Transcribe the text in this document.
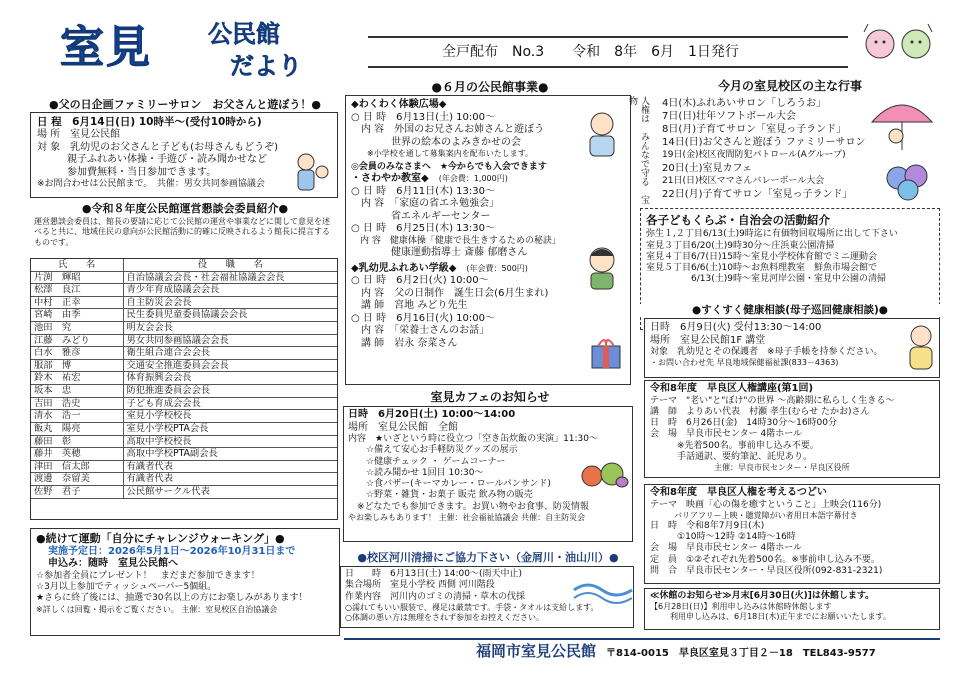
室見 公民館
だより	全戸配布　 No.3　　 令和　8年　6月　1日発行
●父の日企画ファミリーサロン　お父さんと遊ぼう！●
日 程　6月14日(日) 10時半～(受付10時から)
場 所　室見公民館
対 象　乳幼児のお父さんと子ども(お母さんもどうぞ)
　　　親子ふれあい体操・手遊び・読み聞かせなど
　　　参加費無料・当日参加できます。
※お問合わせは公民館まで。　共催：男女共同参画協議会
●令和８年度公民館運営懇談会委員紹介●
運営懇談会委員は、館長の要請に応じて公民館の運営や事業などに関して意見を述べると共に、地域住民の意向が公民館活動に的確に反映されるよう館長に提言するものです。
氏　　名	役　　職　　名
片渕　輝昭	自治協議会会長・社会福祉協議会会長
松澤　良江	青少年育成協議会会長
中村　正幸	自主防災会会長
宮崎　由季	民生委員児童委員協議会会長
池田　究	明友会会長
江藤　みどり	男女共同参画協議会会長
白水　雅彦	衛生組合連合会会長
服部　博	交通安全推進委員会会長
鈴木　祐宏	体育振興会会長
坂本　忠	防犯推進委員会会長
吉田　浩史	子ども育成会会長
清水　浩一	室見小学校校長
飯丸　陽亮	室見小学校PTA会長
藤田　彰	高取中学校校長
藤井　英穂	高取中学校PTA副会長
津田　信太郎	有識者代表
渡邊　奈留美	有識者代表
佐野　君子	公民館サークル代表
●続けて運動「自分にチャレンジウォーキング」●
実施予定日：2026年5月1日～2026年10月31日まで
申込み：随時　室見公民館へ
☆参加者全員にプレゼント！　まだまだ参加できます！
☆3月以上参加でティッシュペーパー5個組。
★さらに終了後には、抽選で30名以上の方にお楽しみがあります！
※詳しくは回覧・掲示をご覧ください。 主催：室見校区自治協議会
●６月の公民館事業●
◆わくわく体験広場◆
○ 日 時　6月13日(土) 10:00～
　内 容　外国のお兄さんお姉さんと遊ぼう
　　　　世界の絵本のよみきかせの会
　　※小学校を通して募集案内を配布いたします。
◎会員のみなさまへ　★今からでも入会できます
・さわやか教室◆　 (年会費：1,000円)
○ 日 時　6月11日(木) 13:30～
　内 容　「家庭の省エネ勉強会」
　　　　省エネルギーセンター
○ 日 時　6月25日(木) 13:30～
　内 容　健康体操「健康で長生きするための秘訣」
　　　　健康運動指導士 斎藤 郁磨さん
◆乳幼児ふれあい学級◆　 (年会費：500円)
○ 日 時　6月2日(火) 10:00～
　内 容　父の日制作　誕生日会(6月生まれ)
　講 師　宮地 みどり先生
○ 日 時　6月16日(火) 10:00～
　内 容　「栄養士さんのお話」
　講 師　岩永 奈菜さん
室見カフェのお知らせ
日時　6月20日(土) 10:00～14:00
場所　室見公民館　全館
内容　★いざという時に役立つ「空き缶炊飯の実演」11:30～
　　☆備えて安心お手軽防災グッズの展示
　　☆健康チェック ・ ゲームコーナー
　　☆読み聞かせ 1回目 10:30～
　　☆食バザー(キーマカレー・ロールパンサンド)
　　☆野菜・雑貨・お菓子 販売 飲み物の販売
　※どなたでも参加できます。お買い物やお食事、防災情報
やお楽しみもあります！ 主催：社会福祉協議会 共催：自主防災会
●校区河川清掃にご協力下さい（金屑川・油山川）●
日　　時　6月13日(土) 14:00～(雨天中止)
集合場所　室見小学校 西側 河川階段
作業内容　河川内のゴミの清掃・草木の伐採
○濡れてもいい服装で、裸足は厳禁です。手袋・タオルは支給します。
○体調の悪い方は無理をされず参加をお控えください。
今月の室見校区の主な行事
人権は　みんなで守る　宝物	4日(木)ふれあいサロン「しろうお」
7日(日)壮年ソフトボール大会
8日(月)子育てサロン「室見っ子ランド」
14日(日)お父さんと遊ぼう ファミリーサロン
19日(金)校区夜間防犯パトロール(Aグループ)
20日(土)室見カフェ
21日(日)校区ママさんバレーボール大会
22日(月)子育てサロン「室見っ子ランド」
各子どもくらぶ・自治会の活動紹介
弥生１,２丁目6/13(土)9時迄に有価物回収場所に出して下さい
室見３丁目6/20(土)9時30分～庄浜東公園清掃
室見４丁目6/7(日)15時～室見小学校体育館でミニ運動会
室見５丁目6/6(土)10時～お魚料理教室　鮮魚市場会館で
　　　　　6/13(土)9時～室見河岸公園・室見中公園の清掃
●すくすく健康相談(母子巡回健康相談)●
日時　6月9日(火) 受付13:30～14:00
場所　室見公民館1F 講堂
対象　乳幼児とその保護者　※母子手帳を持参ください。
・お問い合わせ先 早良地域保健福祉課(833－4363)
令和8年度　早良区人権講座(第1回)
テーマ　"老い"と"ぼけ"の世界 ～高齢期に私らしく生きる～
講　師　よりあい代表　村瀬 孝生(むらせ たかお)さん
日　時　6月26日(金)　14時30分～16時00分
会　場　早良市民センター 4階ホール
　　　※先着500名。事前申し込み不要。
　　　手話通訳、要約筆記、託児あり。
　　　　　　　　主催：早良市民センター・早良区役所
令和8年度　早良区人権を考えるつどい
テーマ　映画「心の傷を癒すということ」上映会(116分)
　　　バリアフリー上映・聴覚障がい者用日本語字幕付き
日　時　令和8年7月9日(木)
　　　①10時～12時 ②14時～16時
会　場　早良市民センター 4階ホール
定　員　①②それぞれ先着500名。※事前申し込み不要。
問　合　早良市民センター・早良区役所(092-831-2321)
≪休館のお知らせ≫月末[6月30日(火)]は休館します。
【6月28日(日)】利用申し込みは休館時休館します
利用申し込みは、6月18日(木)正午までにお願いいたします。
福岡市室見公民館　 〒814-0015　早良区室見３丁目２－18　TEL843-9577
